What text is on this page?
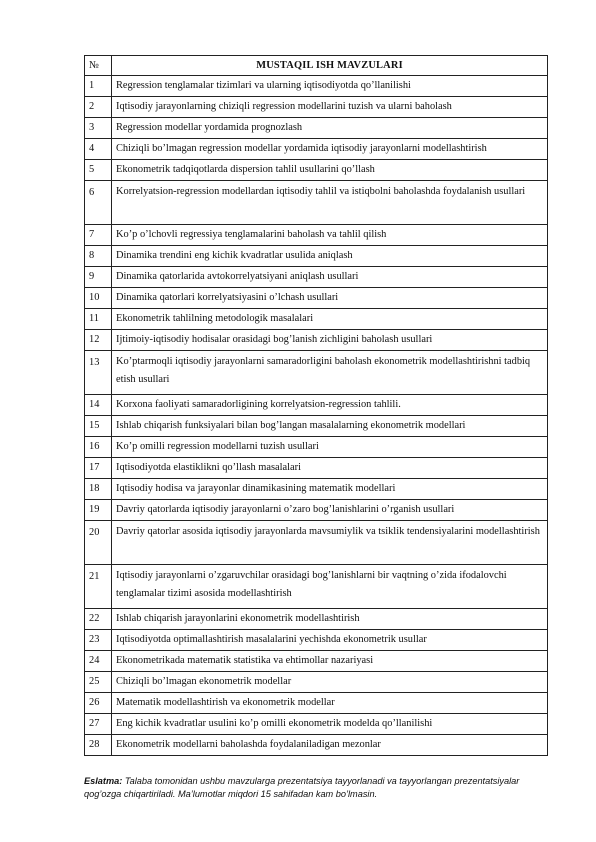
№	MUSTAQIL ISH MAVZULARI
1	Regression tenglamalar tizimlari va ularning iqtisodiyotda qo’llanilishi
2	Iqtisodiy jarayonlarning chiziqli regression modellarini tuzish va ularni baholash
3	Regression modellar yordamida prognozlash
4	Chiziqli bo’lmagan regression modellar yordamida iqtisodiy jarayonlarni modellashtirish
5	Ekonometrik tadqiqotlarda dispersion tahlil usullarini qo’llash
6	Korrelyatsion-regression modellardan iqtisodiy tahlil va istiqbolni baholashda foydalanish usullari
7	Ko’p o’lchovli regressiya tenglamalarini baholash va tahlil qilish
8	Dinamika trendini eng kichik kvadratlar usulida aniqlash
9	Dinamika qatorlarida avtokorrelyatsiyani aniqlash usullari
10	Dinamika qatorlari korrelyatsiyasini o’lchash usullari
11	Ekonometrik tahlilning metodologik masalalari
12	Ijtimoiy-iqtisodiy hodisalar orasidagi bog’lanish zichligini baholash usullari
13	Ko’ptarmoqli iqtisodiy jarayonlarni samaradorligini baholash ekonometrik modellashtirishni tadbiq etish usullari
14	Korxona faoliyati samaradorligining korrelyatsion-regression tahlili.
15	Ishlab chiqarish funksiyalari bilan bog’langan masalalarning ekonometrik modellari
16	Ko’p omilli regression modellarni tuzish usullari
17	Iqtisodiyotda elastiklikni qo’llash masalalari
18	Iqtisodiy hodisa va jarayonlar dinamikasining matematik modellari
19	Davriy qatorlarda iqtisodiy jarayonlarni o’zaro bog’lanishlarini o’rganish usullari
20	Davriy qatorlar asosida iqtisodiy jarayonlarda mavsumiylik va tsiklik tendensiyalarini modellashtirish
21	Iqtisodiy jarayonlarni o’zgaruvchilar orasidagi bog’lanishlarni bir vaqtning o’zida ifodalovchi tenglamalar tizimi asosida modellashtirish
22	Ishlab chiqarish jarayonlarini ekonometrik modellashtirish
23	Iqtisodiyotda optimallashtirish masalalarini yechishda ekonometrik usullar
24	Ekonometrikada matematik statistika va ehtimollar nazariyasi
25	Chiziqli bo’lmagan ekonometrik modellar
26	Matematik modellashtirish va ekonometrik modellar
27	Eng kichik kvadratlar usulini ko’p omilli ekonometrik modelda qo’llanilishi
28	Ekonometrik modellarni baholashda foydalaniladigan mezonlar
Eslatma: Talaba tomonidan ushbu mavzularga prezentatsiya tayyorlanadi va tayyorlangan prezentatsiyalar qog’ozga chiqartiriladi. Ma’lumotlar miqdori 15 sahifadan kam bo’lmasin.
